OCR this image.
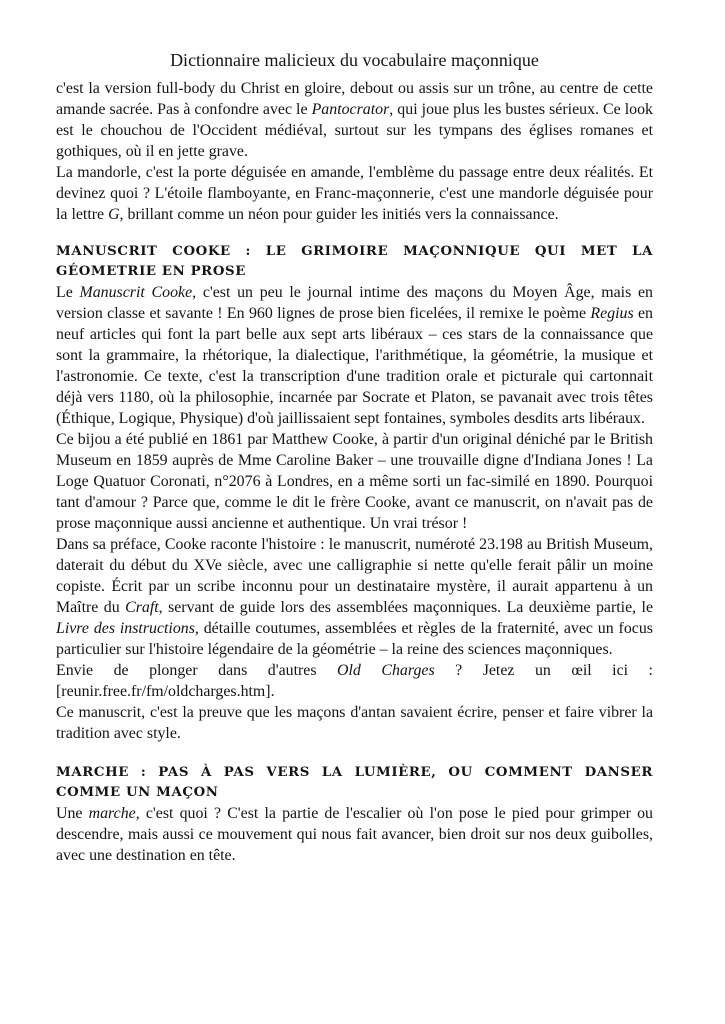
Dictionnaire malicieux du vocabulaire maçonnique

c'est la version full-body du Christ en gloire, debout ou assis sur un trône, au centre de cette amande sacrée. Pas à confondre avec le Pantocrator, qui joue plus les bustes sérieux. Ce look est le chouchou de l'Occident médiéval, surtout sur les tympans des églises romanes et gothiques, où il en jette grave.

La mandorle, c'est la porte déguisée en amande, l'emblème du passage entre deux réalités. Et devinez quoi ? L'étoile flamboyante, en Franc-maçonnerie, c'est une mandorle déguisée pour la lettre G, brillant comme un néon pour guider les initiés vers la connaissance.

MANUSCRIT COOKE : LE GRIMOIRE MAÇONNIQUE QUI MET LA GÉOMETRIE EN PROSE

Le Manuscrit Cooke, c'est un peu le journal intime des maçons du Moyen Âge, mais en version classe et savante ! En 960 lignes de prose bien ficelées, il remixe le poème Regius en neuf articles qui font la part belle aux sept arts libéraux – ces stars de la connaissance que sont la grammaire, la rhétorique, la dialectique, l'arithmétique, la géométrie, la musique et l'astronomie. Ce texte, c'est la transcription d'une tradition orale et picturale qui cartonnait déjà vers 1180, où la philosophie, incarnée par Socrate et Platon, se pavanait avec trois têtes (Éthique, Logique, Physique) d'où jaillissaient sept fontaines, symboles desdits arts libéraux.

Ce bijou a été publié en 1861 par Matthew Cooke, à partir d'un original déniché par le British Museum en 1859 auprès de Mme Caroline Baker – une trouvaille digne d'Indiana Jones ! La Loge Quatuor Coronati, n°2076 à Londres, en a même sorti un fac-similé en 1890. Pourquoi tant d'amour ? Parce que, comme le dit le frère Cooke, avant ce manuscrit, on n'avait pas de prose maçonnique aussi ancienne et authentique. Un vrai trésor !

Dans sa préface, Cooke raconte l'histoire : le manuscrit, numéroté 23.198 au British Museum, daterait du début du XVe siècle, avec une calligraphie si nette qu'elle ferait pâlir un moine copiste. Écrit par un scribe inconnu pour un destinataire mystère, il aurait appartenu à un Maître du Craft, servant de guide lors des assemblées maçonniques. La deuxième partie, le Livre des instructions, détaille coutumes, assemblées et règles de la fraternité, avec un focus particulier sur l'histoire légendaire de la géométrie – la reine des sciences maçonniques.

Envie de plonger dans d'autres Old Charges ? Jetez un œil ici : [reunir.free.fr/fm/oldcharges.htm].

Ce manuscrit, c'est la preuve que les maçons d'antan savaient écrire, penser et faire vibrer la tradition avec style.

MARCHE : PAS À PAS VERS LA LUMIÈRE, OU COMMENT DANSER COMME UN MAÇON

Une marche, c'est quoi ? C'est la partie de l'escalier où l'on pose le pied pour grimper ou descendre, mais aussi ce mouvement qui nous fait avancer, bien droit sur nos deux guibolles, avec une destination en tête.
